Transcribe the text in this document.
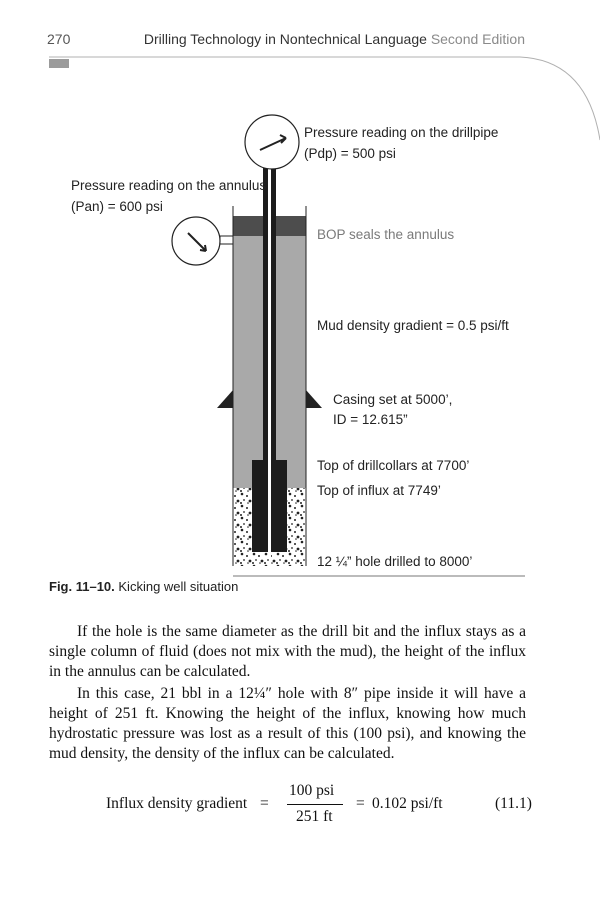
270	Drilling Technology in Nontechnical Language Second Edition
Pressure reading on the drillpipe
(Pdp) = 500 psi
Pressure reading on the annulus
(Pan) = 600 psi
BOP seals the annulus
Mud density gradient = 0.5 psi/ft
Casing set at 5000’,
ID = 12.615”
Top of drillcollars at 7700’
Top of influx at 7749’
12 ¼” hole drilled to 8000’
Fig. 11–10. Kicking well situation

If the hole is the same diameter as the drill bit and the influx stays as a single column of fluid (does not mix with the mud), the height of the influx in the annulus can be calculated.

In this case, 21 bbl in a 12¼″ hole with 8″ pipe inside it will have a height of 251 ft. Knowing the height of the influx, knowing how much hydrostatic pressure was lost as a result of this (100 psi), and knowing the mud density, the density of the influx can be calculated.

Influx density gradient =
100 psi
251 ft
= 0.102 psi/ft	(11.1)
